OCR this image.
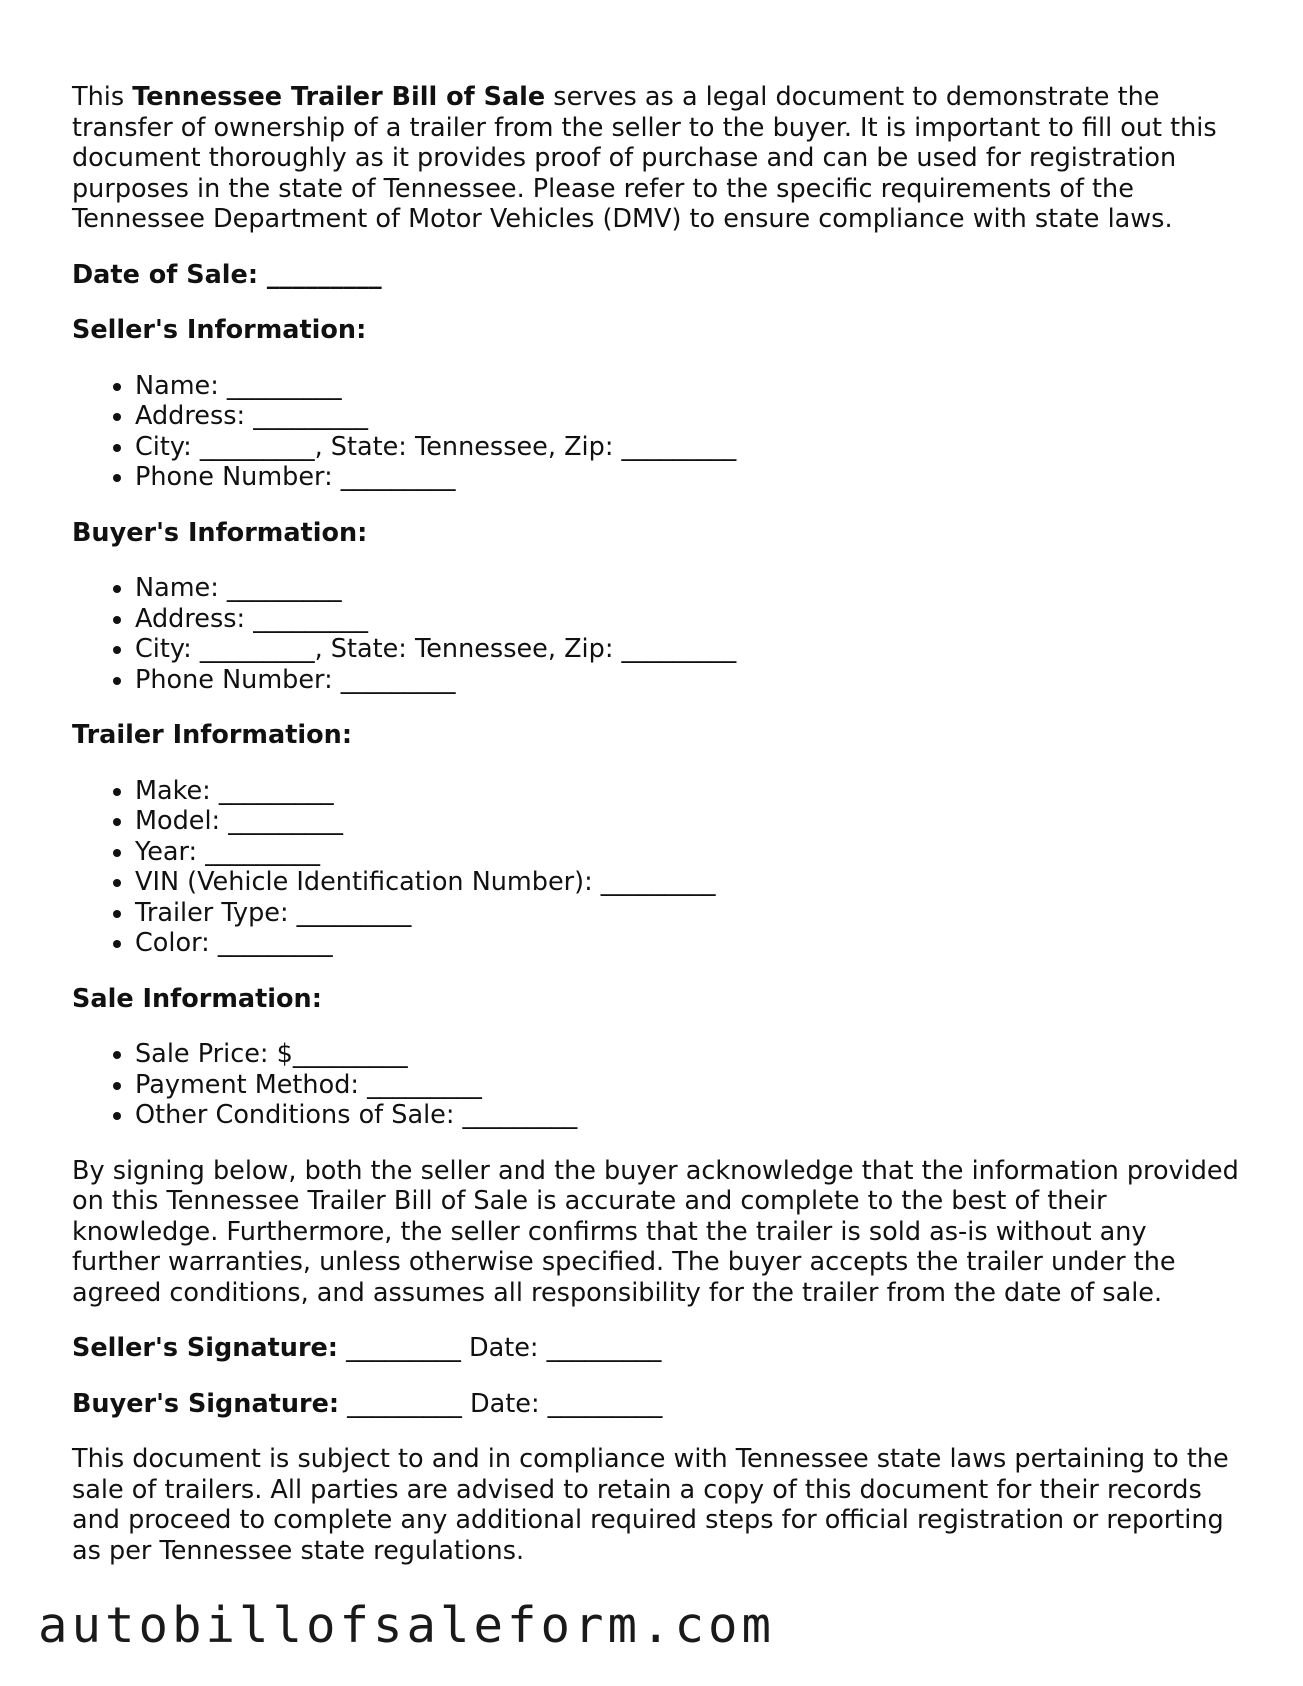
This Tennessee Trailer Bill of Sale serves as a legal document to demonstrate the transfer of ownership of a trailer from the seller to the buyer. It is important to fill out this document thoroughly as it provides proof of purchase and can be used for registration purposes in the state of Tennessee. Please refer to the specific requirements of the Tennessee Department of Motor Vehicles (DMV) to ensure compliance with state laws.

Date of Sale: _________
Seller's Information:
• Name: _________
• Address: _________
• City: _________, State: Tennessee, Zip: _________
• Phone Number: _________
Buyer's Information:
• Name: _________
• Address: _________
• City: _________, State: Tennessee, Zip: _________
• Phone Number: _________
Trailer Information:
• Make: _________
• Model: _________
• Year: _________
• VIN (Vehicle Identification Number): _________
• Trailer Type: _________
• Color: _________
Sale Information:
• Sale Price: $_________
• Payment Method: _________
• Other Conditions of Sale: _________

By signing below, both the seller and the buyer acknowledge that the information provided on this Tennessee Trailer Bill of Sale is accurate and complete to the best of their knowledge. Furthermore, the seller confirms that the trailer is sold as-is without any further warranties, unless otherwise specified. The buyer accepts the trailer under the agreed conditions, and assumes all responsibility for the trailer from the date of sale.

Seller's Signature: _________ Date: _________
Buyer's Signature: _________ Date: _________

This document is subject to and in compliance with Tennessee state laws pertaining to the sale of trailers. All parties are advised to retain a copy of this document for their records and proceed to complete any additional required steps for official registration or reporting as per Tennessee state regulations.

autobillofsaleform.com
